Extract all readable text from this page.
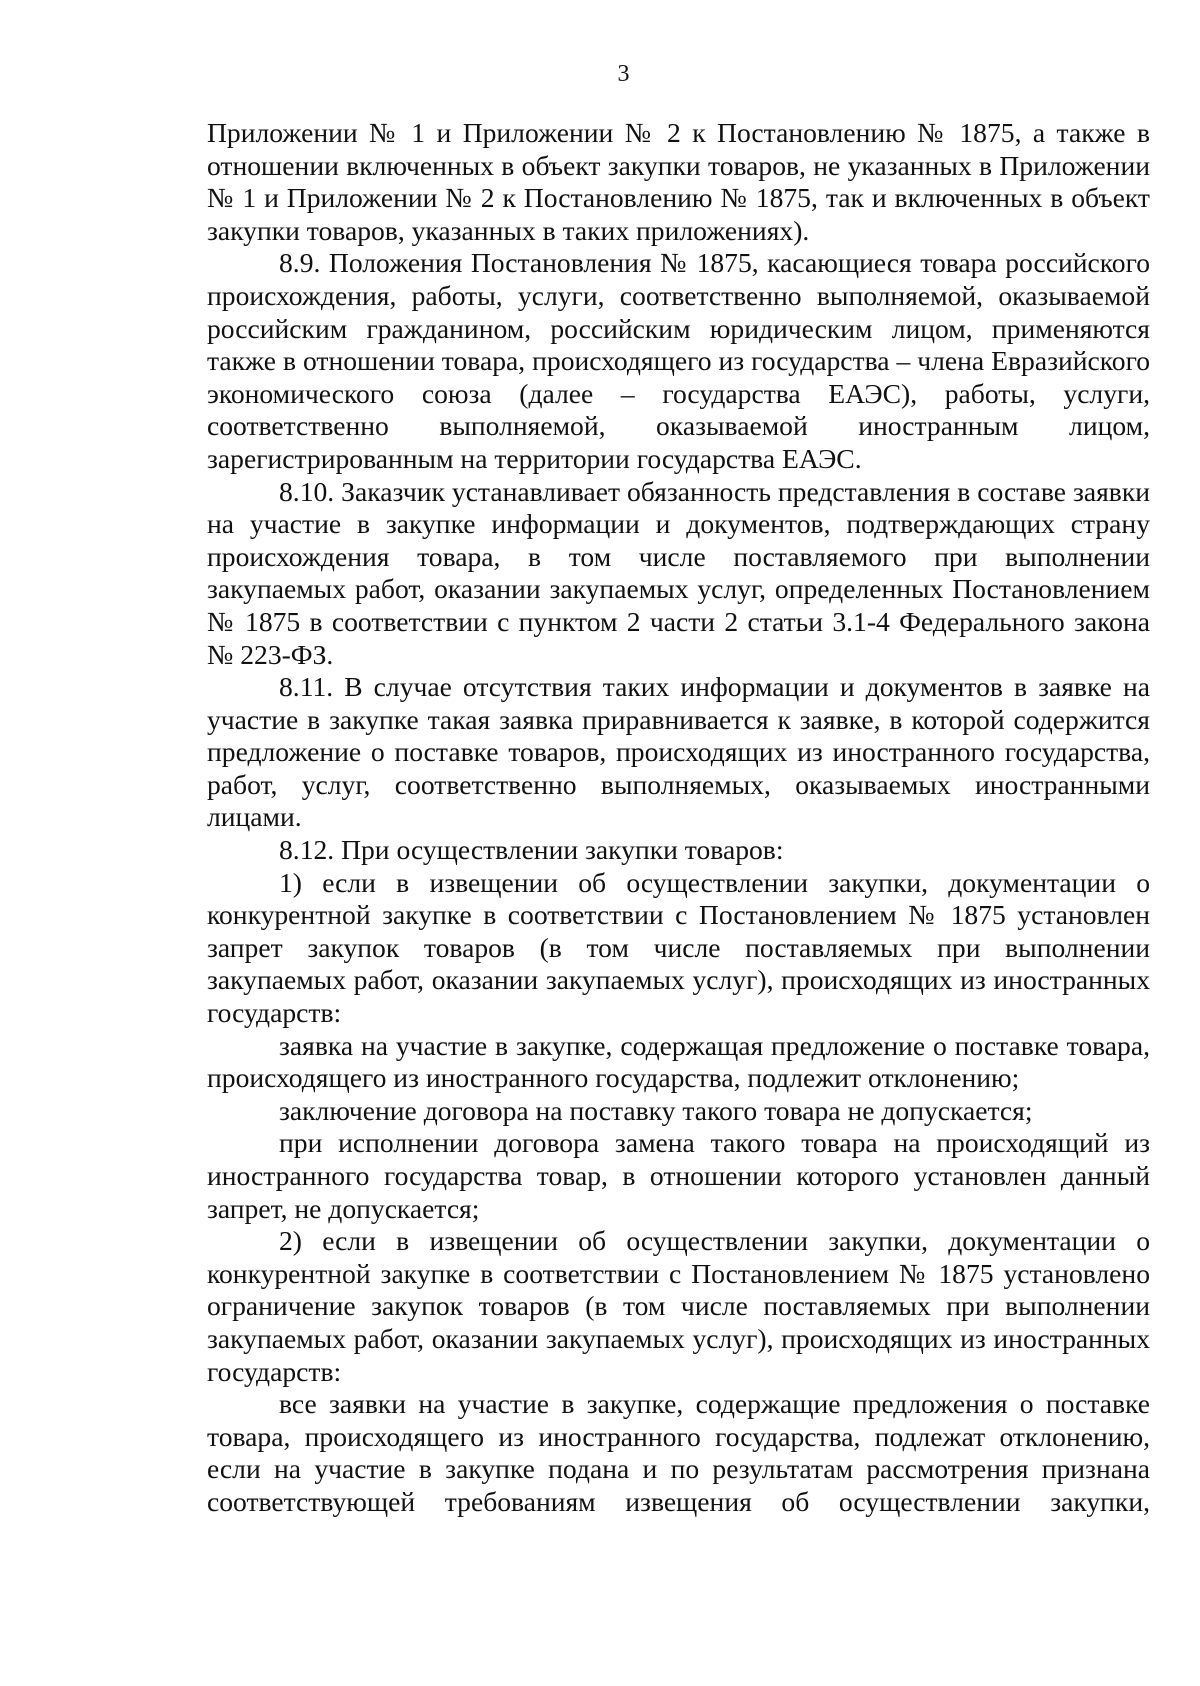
3

Приложении № 1 и Приложении № 2 к Постановлению № 1875, а также в отношении включенных в объект закупки товаров, не указанных в Приложении № 1 и Приложении № 2 к Постановлению № 1875, так и включенных в объект закупки товаров, указанных в таких приложениях).

8.9. Положения Постановления № 1875, касающиеся товара российского происхождения, работы, услуги, соответственно выполняемой, оказываемой российским гражданином, российским юридическим лицом, применяются также в отношении товара, происходящего из государства – члена Евразийского экономического союза (далее – государства ЕАЭС), работы, услуги, соответственно выполняемой, оказываемой иностранным лицом, зарегистрированным на территории государства ЕАЭС.

8.10. Заказчик устанавливает обязанность представления в составе заявки на участие в закупке информации и документов, подтверждающих страну происхождения товара, в том числе поставляемого при выполнении закупаемых работ, оказании закупаемых услуг, определенных Постановлением № 1875 в соответствии с пунктом 2 части 2 статьи 3.1-4 Федерального закона № 223-ФЗ.

8.11. В случае отсутствия таких информации и документов в заявке на участие в закупке такая заявка приравнивается к заявке, в которой содержится предложение о поставке товаров, происходящих из иностранного государства, работ, услуг, соответственно выполняемых, оказываемых иностранными лицами.

8.12. При осуществлении закупки товаров:

1) если в извещении об осуществлении закупки, документации о конкурентной закупке в соответствии с Постановлением № 1875 установлен запрет закупок товаров (в том числе поставляемых при выполнении закупаемых работ, оказании закупаемых услуг), происходящих из иностранных государств:

заявка на участие в закупке, содержащая предложение о поставке товара, происходящего из иностранного государства, подлежит отклонению;

заключение договора на поставку такого товара не допускается;

при исполнении договора замена такого товара на происходящий из иностранного государства товар, в отношении которого установлен данный запрет, не допускается;

2) если в извещении об осуществлении закупки, документации о конкурентной закупке в соответствии с Постановлением № 1875 установлено ограничение закупок товаров (в том числе поставляемых при выполнении закупаемых работ, оказании закупаемых услуг), происходящих из иностранных государств:

все заявки на участие в закупке, содержащие предложения о поставке товара, происходящего из иностранного государства, подлежат отклонению, если на участие в закупке подана и по результатам рассмотрения признана соответствующей требованиям извещения об осуществлении закупки,
